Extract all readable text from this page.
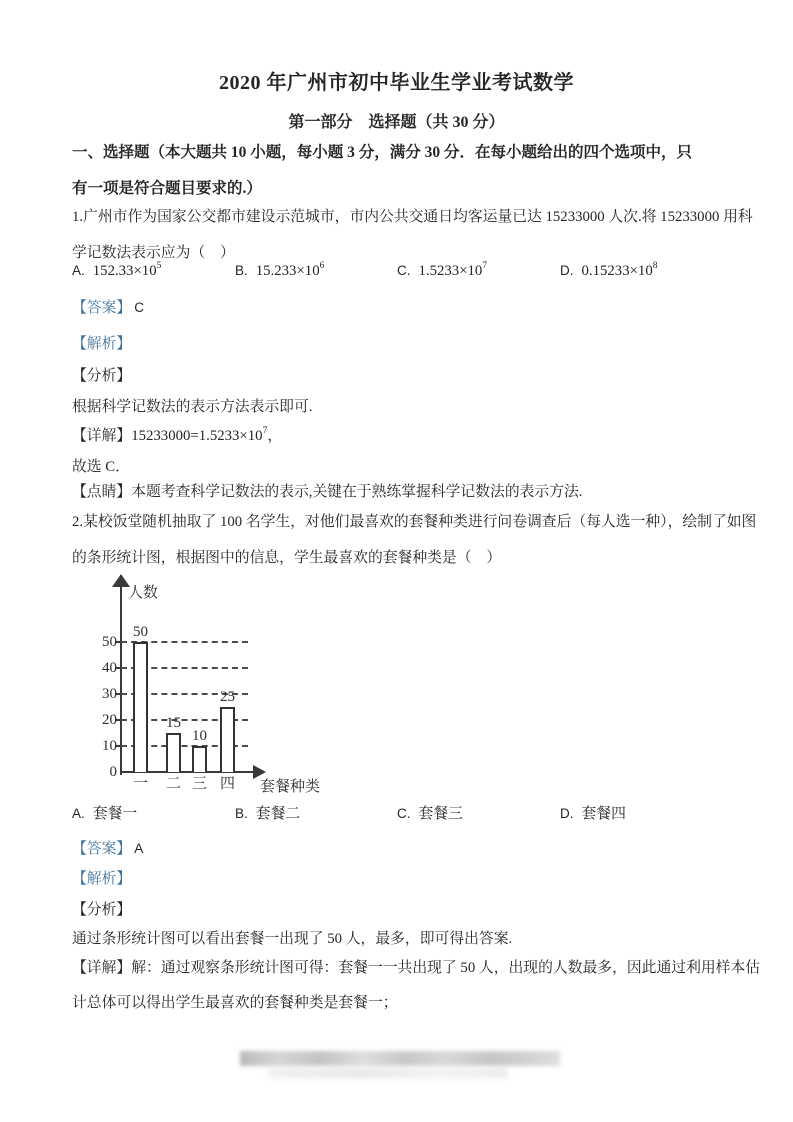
2020 年广州市初中毕业生学业考试数学
第一部分　选择题（共 30 分）
一、选择题（本大题共 10 小题，每小题 3 分，满分 30 分．在每小题给出的四个选项中，只
有一项是符合题目要求的.）
1.广州市作为国家公交都市建设示范城市，市内公共交通日均客运量已达 15233000 人次.将 15233000 用科
学记数法表示应为（　）
A. $152.33\times 10^5$	B. $15.233\times 10^6$	C. $1.5233\times 10^7$	D. $0.15233\times 10^8$
【答案】 C
【解析】
【分析】
根据科学记数法的表示方法表示即可.
【详解】$15233000=1.5233\times 10^7$，
故选 C．
【点睛】本题考查科学记数法的表示,关键在于熟练掌握科学记数法的表示方法.
2.某校饭堂随机抽取了 100 名学生，对他们最喜欢的套餐种类进行问卷调查后（每人选一种），绘制了如图
的条形统计图，根据图中的信息，学生最喜欢的套餐种类是（　）
人数
套餐种类
0
10
20
30
40
50
50
一
15
二
10
三
25
四
A. 套餐一	B. 套餐二	C. 套餐三	D. 套餐四
【答案】 A
【解析】
【分析】
通过条形统计图可以看出套餐一出现了 50 人，最多，即可得出答案.
【详解】解：通过观察条形统计图可得：套餐一一共出现了 50 人，出现的人数最多，因此通过利用样本估
计总体可以得出学生最喜欢的套餐种类是套餐一；
